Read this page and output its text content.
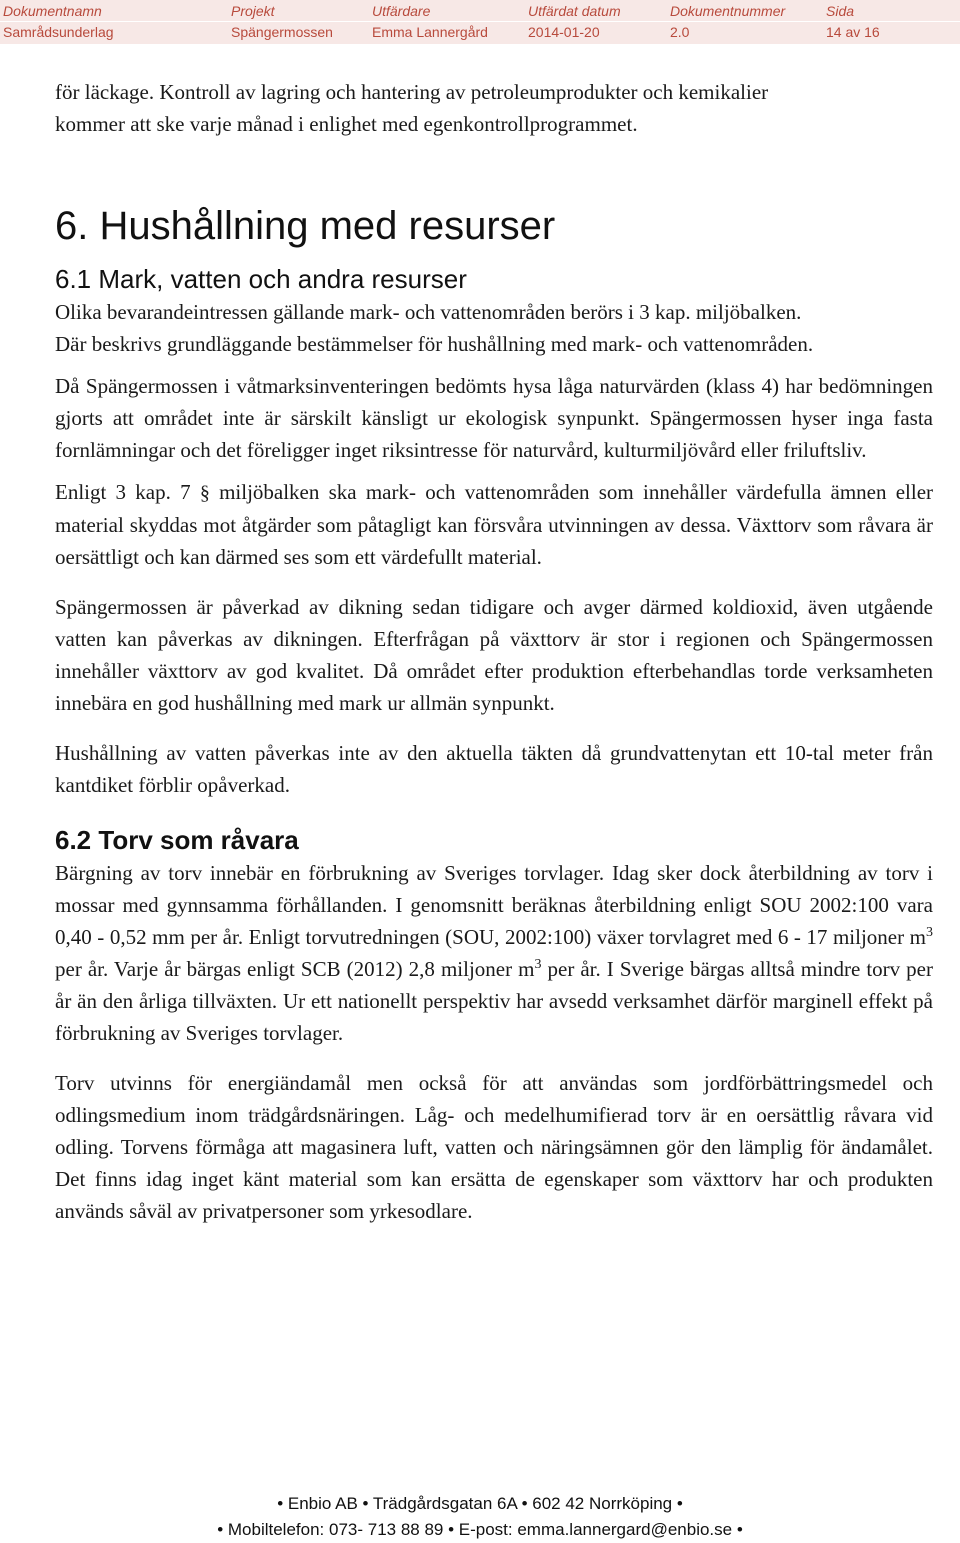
Dokumentnamn	Projekt	Utfärdare	Utfärdat datum	Dokumentnummer	Sida
Samrådsunderlag	Spängermossen	Emma Lannergård	2014-01-20	2.0	14 av 16

för läckage. Kontroll av lagring och hantering av petroleumprodukter och kemikalier
kommer att ske varje månad i enlighet med egenkontrollprogrammet.

6. Hushållning med resurser
6.1 Mark, vatten och andra resurser

Olika bevarandeintressen gällande mark- och vattenområden berörs i 3 kap. miljöbalken.
Där beskrivs grundläggande bestämmelser för hushållning med mark- och vattenområden.

Då Spängermossen i våtmarksinventeringen bedömts hysa låga naturvärden (klass 4) har bedömningen gjorts att området inte är särskilt känsligt ur ekologisk synpunkt. Spängermossen hyser inga fasta fornlämningar och det föreligger inget riksintresse för naturvård, kulturmiljövård eller friluftsliv.

Enligt 3 kap. 7 § miljöbalken ska mark- och vattenområden som innehåller värdefulla ämnen eller material skyddas mot åtgärder som påtagligt kan försvåra utvinningen av dessa. Växttorv som råvara är oersättligt och kan därmed ses som ett värdefullt material.

Spängermossen är påverkad av dikning sedan tidigare och avger därmed koldioxid, även utgående vatten kan påverkas av dikningen. Efterfrågan på växttorv är stor i regionen och Spängermossen innehåller växttorv av god kvalitet. Då området efter produktion efterbehandlas torde verksamheten innebära en god hushållning med mark ur allmän synpunkt.

Hushållning av vatten påverkas inte av den aktuella täkten då grundvattenytan ett 10-tal meter från kantdiket förblir opåverkad.

6.2 Torv som råvara

Bärgning av torv innebär en förbrukning av Sveriges torvlager. Idag sker dock återbildning av torv i mossar med gynnsamma förhållanden. I genomsnitt beräknas återbildning enligt SOU 2002:100 vara 0,40 - 0,52 mm per år. Enligt torvutredningen (SOU, 2002:100) växer torvlagret med 6 - 17 miljoner $m^3$ per år. Varje år bärgas enligt SCB (2012) 2,8 miljoner $m^3$ per år. I Sverige bärgas alltså mindre torv per år än den årliga tillväxten. Ur ett nationellt perspektiv har avsedd verksamhet därför marginell effekt på förbrukning av Sveriges torvlager.

Torv utvinns för energiändamål men också för att användas som jordförbättringsmedel och odlingsmedium inom trädgårdsnäringen. Låg- och medelhumifierad torv är en oersättlig råvara vid odling. Torvens förmåga att magasinera luft, vatten och näringsämnen gör den lämplig för ändamålet. Det finns idag inget känt material som kan ersätta de egenskaper som växttorv har och produkten används såväl av privatpersoner som yrkesodlare.

• Enbio AB • Trädgårdsgatan 6A • 602 42 Norrköping •
• Mobiltelefon: 073- 713 88 89 • E-post: emma.lannergard@enbio.se •
